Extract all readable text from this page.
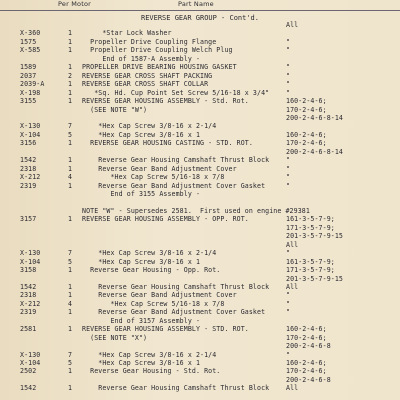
Per Motor	Part Name
REVERSE GEAR GROUP - Cont'd.
All
X-360	1 *Star Lock Washer
1575	1 Propeller Drive Coupling Flange	"
X-585	1 Propeller Drive Coupling Welch Plug	"
End of 1587-A Assembly -
1589	1 PROPELLER DRIVE BEARING HOUSING GASKET	"
2037	2 REVERSE GEAR CROSS SHAFT PACKING	"
2039-A	1 REVERSE GEAR CROSS SHAFT COLLAR	"
X-198	1 *Sq. Hd. Cup Point Set Screw 5/16-18 x 3/4"	"
3155	1 REVERSE GEAR HOUSING ASSEMBLY - Std. Rot.	160-2-4-6;
(SEE NOTE "W")	170-2-4-6;
200-2-4-6-8-14
X-130	7 *Hex Cap Screw 3/8-16 x 2-1/4
X-104	5 *Hex Cap Screw 3/8-16 x 1	160-2-4-6;
3156	1 REVERSE GEAR HOUSING CASTING - STD. ROT.	170-2-4-6;
200-2-4-6-8-14
1542	1 Reverse Gear Housing Camshaft Thrust Block	"
2318	1 Reverse Gear Band Adjustment Cover	"
X-212	4 *Hex Cap Screw 5/16-18 x 7/8	"
2319	1 Reverse Gear Band Adjustment Cover Gasket	"
End of 3155 Assembly -
NOTE "W" - Supersedes 2581.  First used on engine #29381
3157	1 REVERSE GEAR HOUSING ASSEMBLY - OPP. ROT.	161-3-5-7-9;
171-3-5-7-9;
201-3-5-7-9-15
All
X-130	7 *Hex Cap Screw 3/8-16 x 2-1/4	"
X-104	5 *Hex Cap Screw 3/8-16 x 1	161-3-5-7-9;
3158	1 Reverse Gear Housing - Opp. Rot.	171-3-5-7-9;
201-3-5-7-9-15
1542	1 Reverse Gear Housing Camshaft Thrust Block	All
2318	1 Reverse Gear Band Adjustment Cover	"
X-212	4 *Hex Cap Screw 5/16-18 x 7/8	"
2319	1 Reverse Gear Band Adjustment Cover Gasket	"
End of 3157 Assembly -
2581	1 REVERSE GEAR HOUSING ASSEMBLY - STD. ROT.	160-2-4-6;
(SEE NOTE "X")	170-2-4-6;
200-2-4-6-8
X-130	7 *Hex Cap Screw 3/8-16 x 2-1/4	"
X-104	5 *Hex Cap Screw 3/8-16 x 1	160-2-4-6;
2502	1 Reverse Gear Housing - Std. Rot.	170-2-4-6;
200-2-4-6-8
1542	1 Reverse Gear Housing Camshaft Thrust Block	All
